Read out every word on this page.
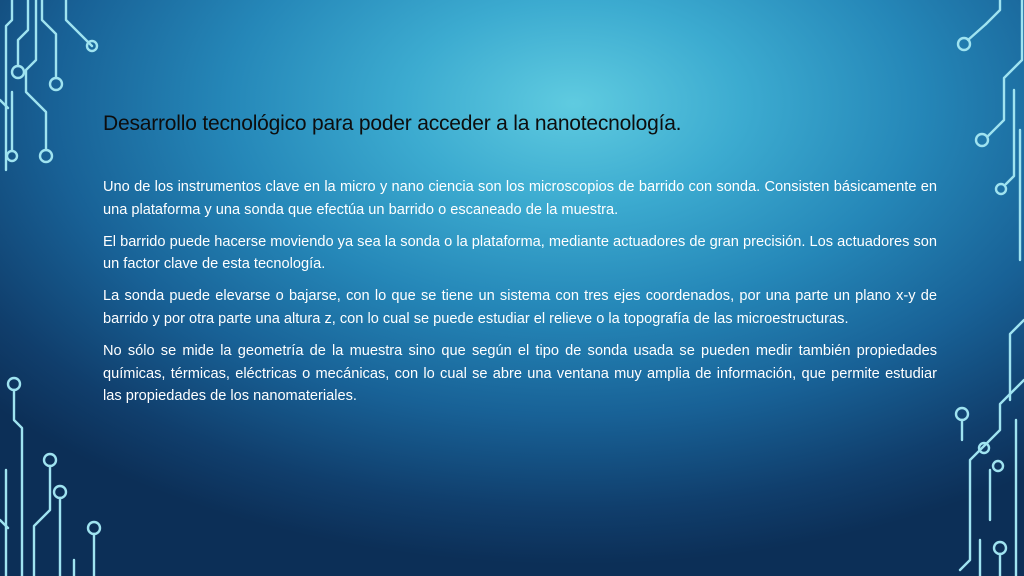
Desarrollo tecnológico para poder acceder a la nanotecnología.

Uno de los instrumentos clave en la micro y nano ciencia son los microscopios de barrido con sonda. Consisten básicamente en una plataforma y una sonda que efectúa un barrido o escaneado de la muestra.

El barrido puede hacerse moviendo ya sea la sonda o la plataforma, mediante actuadores de gran precisión. Los actuadores son un factor clave de esta tecnología.

La sonda puede elevarse o bajarse, con lo que se tiene un sistema con tres ejes coordenados, por una parte un plano x-y de barrido y por otra parte una altura z, con lo cual se puede estudiar el relieve o la topografía de las microestructuras.

No sólo se mide la geometría de la muestra sino que según el tipo de sonda usada se pueden medir también propiedades químicas, térmicas, eléctricas o mecánicas, con lo cual se abre una ventana muy amplia de información, que permite estudiar las propiedades de los nanomateriales.
